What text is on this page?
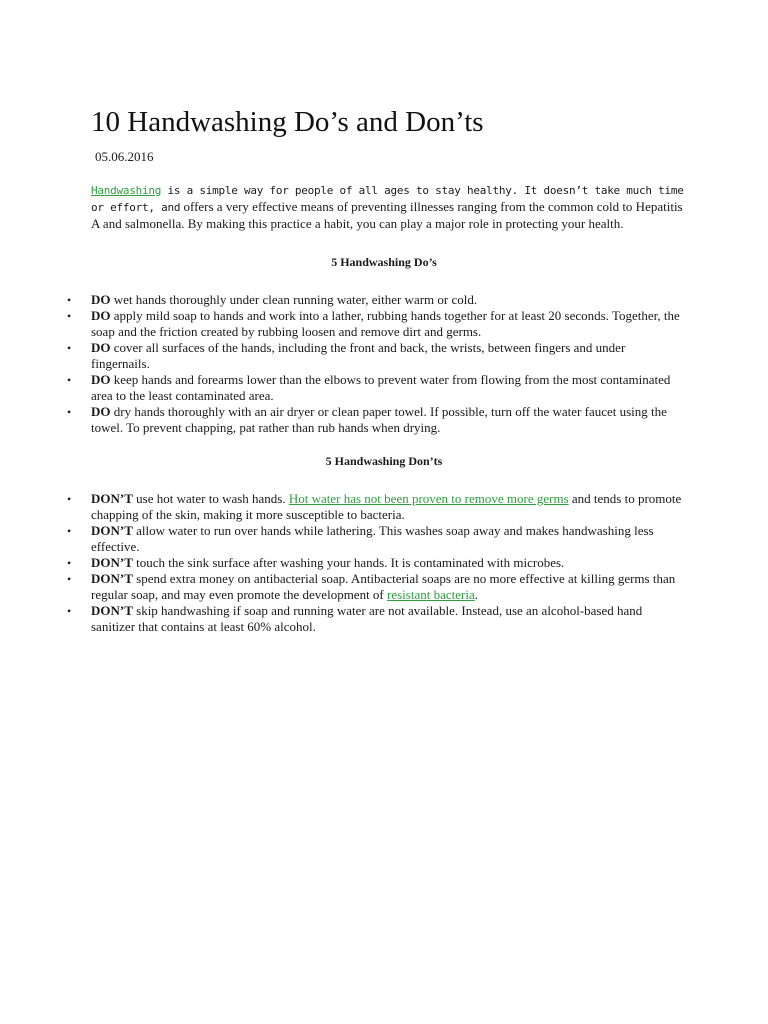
10 Handwashing Do’s and Don’ts
05.06.2016

Handwashing is a simple way for people of all ages to stay healthy. It doesn’t take much time or effort, and offers a very effective means of preventing illnesses ranging from the common cold to Hepatitis A and salmonella. By making this practice a habit, you can play a major role in protecting your health.

5 Handwashing Do’s
• DO wet hands thoroughly under clean running water, either warm or cold.
• DO apply mild soap to hands and work into a lather, rubbing hands together for at least 20 seconds. Together, the soap and the friction created by rubbing loosen and remove dirt and germs.
• DO cover all surfaces of the hands, including the front and back, the wrists, between fingers and under fingernails.
• DO keep hands and forearms lower than the elbows to prevent water from flowing from the most contaminated area to the least contaminated area.
• DO dry hands thoroughly with an air dryer or clean paper towel. If possible, turn off the water faucet using the towel. To prevent chapping, pat rather than rub hands when drying.
5 Handwashing Don’ts
• DON’T use hot water to wash hands. Hot water has not been proven to remove more germs and tends to promote chapping of the skin, making it more susceptible to bacteria.
• DON’T allow water to run over hands while lathering. This washes soap away and makes handwashing less effective.
• DON’T touch the sink surface after washing your hands. It is contaminated with microbes.
• DON’T spend extra money on antibacterial soap. Antibacterial soaps are no more effective at killing germs than regular soap, and may even promote the development of resistant bacteria.
• DON’T skip handwashing if soap and running water are not available. Instead, use an alcohol-based hand sanitizer that contains at least 60% alcohol.
